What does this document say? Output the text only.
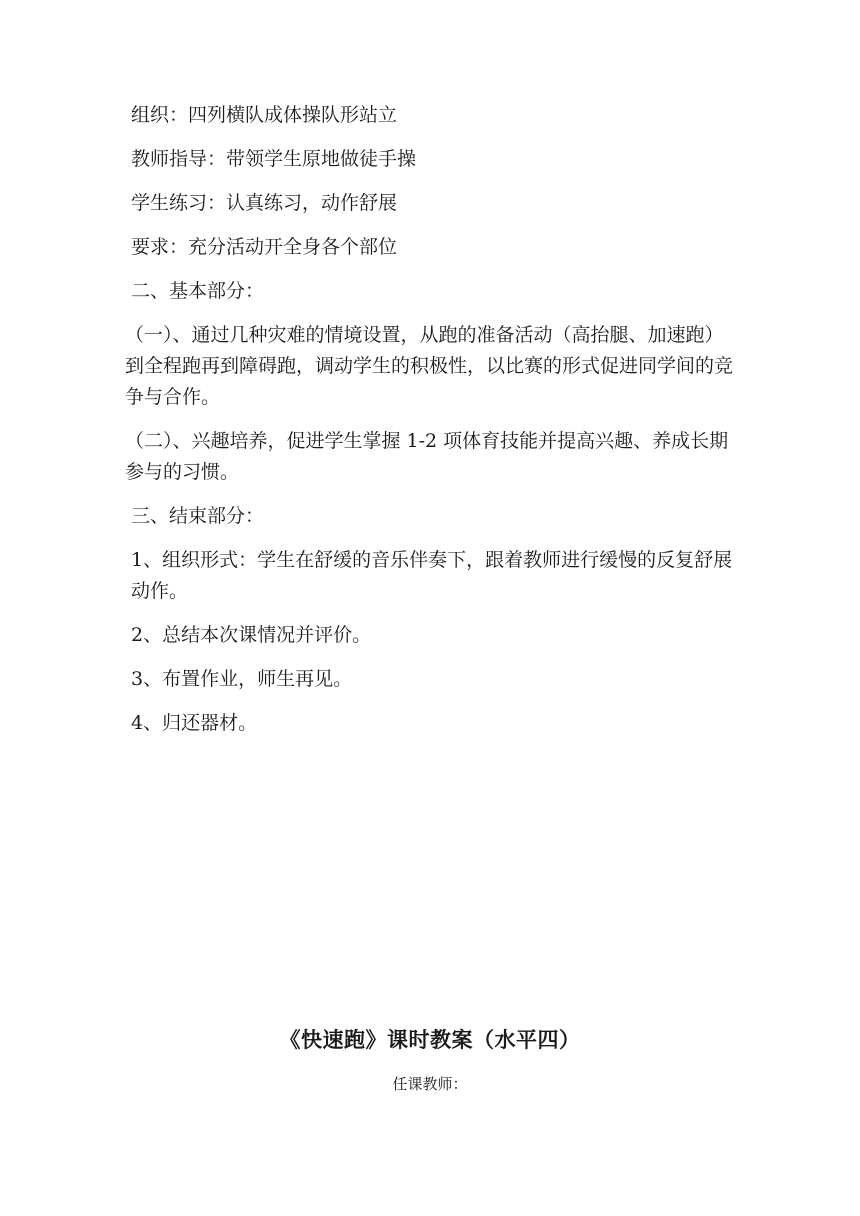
组织：四列横队成体操队形站立

教师指导：带领学生原地做徒手操

学生练习：认真练习，动作舒展

要求：充分活动开全身各个部位

二、基本部分：

（一）、通过几种灾难的情境设置，从跑的准备活动（高抬腿、加速跑）到全程跑再到障碍跑，调动学生的积极性，以比赛的形式促进同学间的竞争与合作。

（二）、兴趣培养，促进学生掌握 1-2 项体育技能并提高兴趣、养成长期参与的习惯。

三、结束部分：

1、组织形式：学生在舒缓的音乐伴奏下，跟着教师进行缓慢的反复舒展动作。

2、总结本次课情况并评价。

3、布置作业，师生再见。

4、归还器材。

《快速跑》课时教案（水平四）
任课教师：
